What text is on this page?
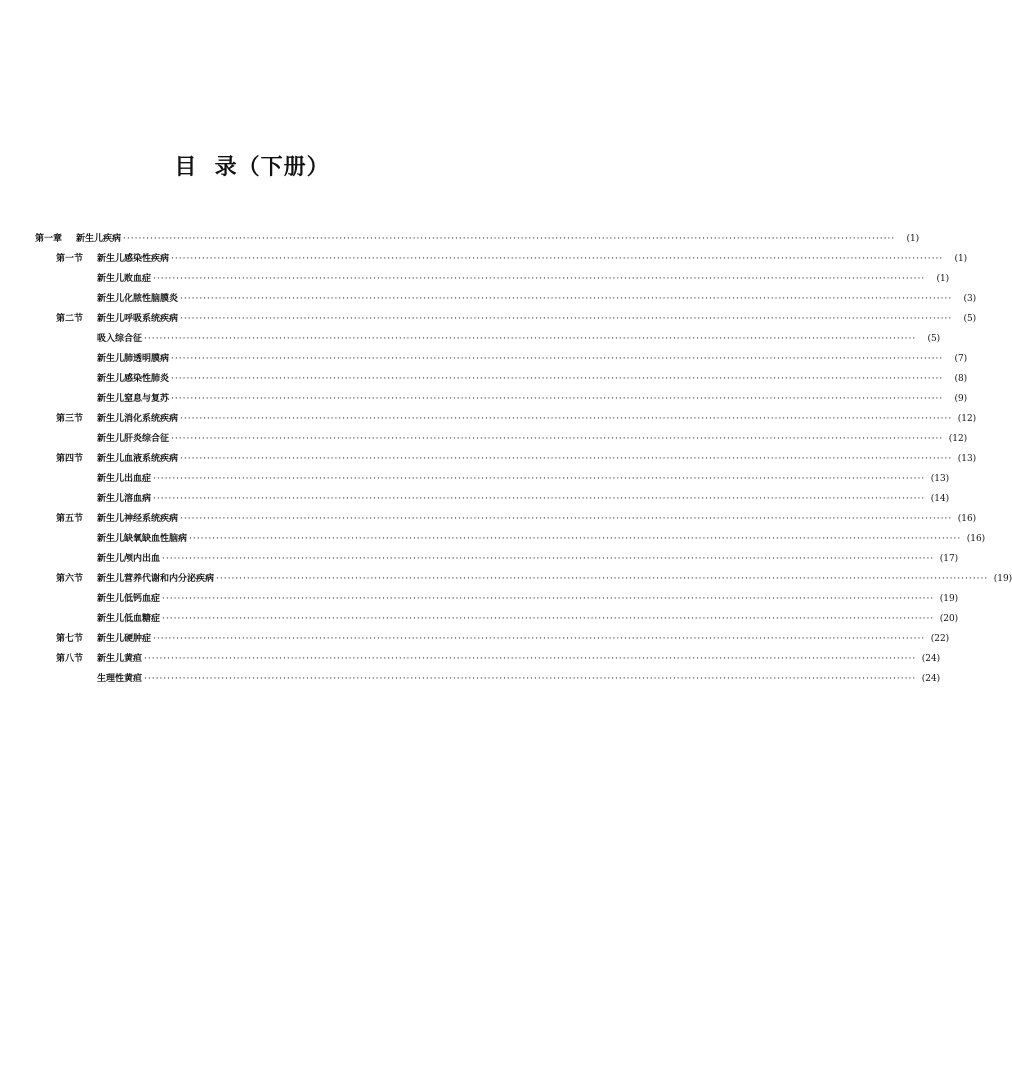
目  录（下册）
第一章 新生儿疾病 ········································································································································································································	(1)
第一节 新生儿感染性疾病 ········································································································································································································	(1)
新生儿败血症 ········································································································································································································	(1)
新生儿化脓性脑膜炎 ········································································································································································································	(3)
第二节 新生儿呼吸系统疾病 ········································································································································································································	(5)
吸入综合征 ········································································································································································································	(5)
新生儿肺透明膜病 ········································································································································································································	(7)
新生儿感染性肺炎 ········································································································································································································	(8)
新生儿窒息与复苏 ········································································································································································································	(9)
第三节 新生儿消化系统疾病 ········································································································································································································ (12)
新生儿肝炎综合征 ········································································································································································································ (12)
第四节 新生儿血液系统疾病 ········································································································································································································ (13)
新生儿出血症 ········································································································································································································ (13)
新生儿溶血病 ········································································································································································································ (14)
第五节 新生儿神经系统疾病 ········································································································································································································ (16)
新生儿缺氧缺血性脑病 ········································································································································································································ (16)
新生儿颅内出血 ········································································································································································································ (17)
第六节 新生儿营养代谢和内分泌疾病 ········································································································································································································ (19)
新生儿低钙血症 ········································································································································································································ (19)
新生儿低血糖症 ········································································································································································································ (20)
第七节 新生儿硬肿症 ········································································································································································································ (22)
第八节 新生儿黄疸 ········································································································································································································ (24)
生理性黄疸 ········································································································································································································ (24)
